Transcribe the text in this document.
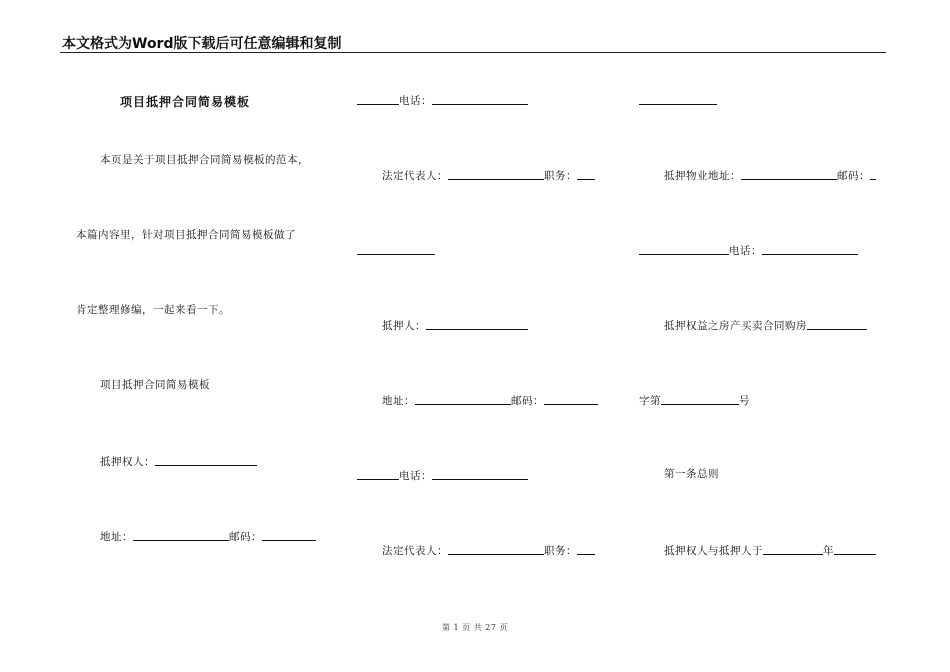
本文格式为Word版下载后可任意编辑和复制
项目抵押合同简易模板
本页是关于项目抵押合同简易模板的范本，
本篇内容里，针对项目抵押合同简易模板做了
肯定整理修编，一起来看一下。
项目抵押合同简易模板
抵押权人：
地址：	邮码：
电话：
法定代表人：	职务：
抵押人：
地址：	邮码：
电话：
法定代表人：	职务：
抵押物业地址：	邮码：
电话：
抵押权益之房产买卖合同购房
字第	号
第一条总则
抵押权人与抵押人于	年
第 1 页 共 27 页
